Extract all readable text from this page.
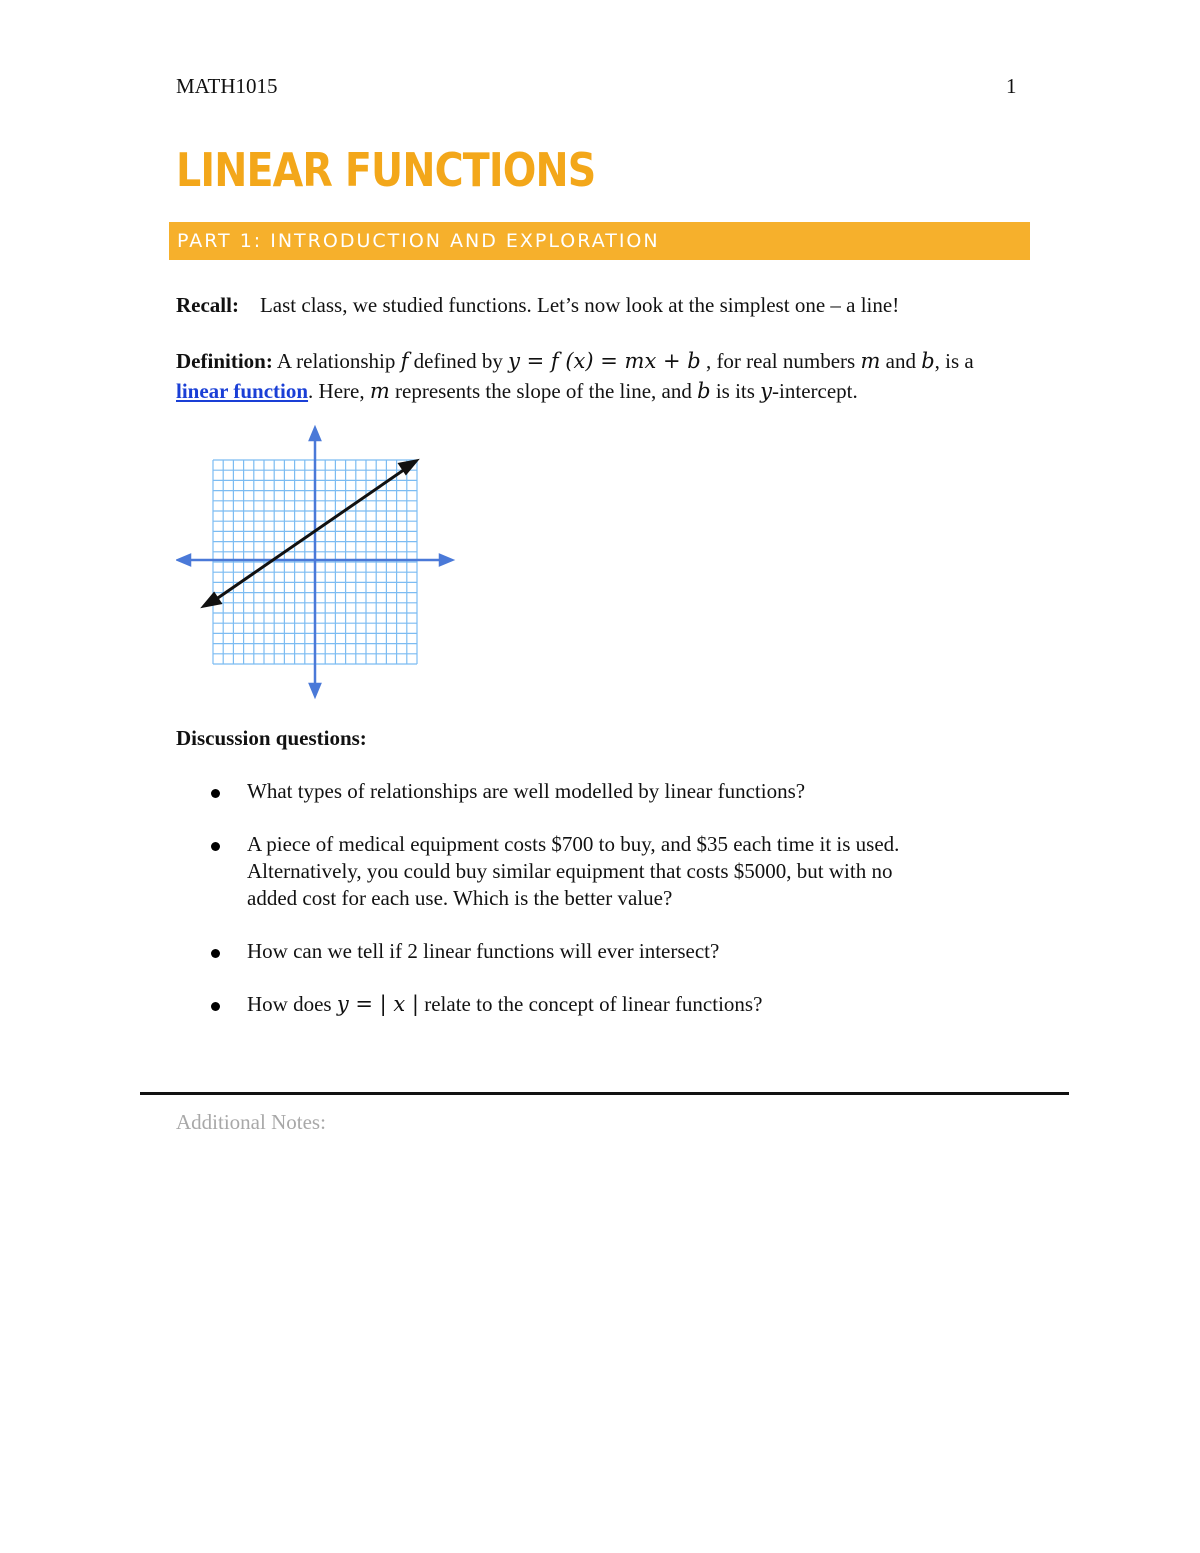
MATH1015	1
LINEAR FUNCTIONS
PART 1: INTRODUCTION AND EXPLORATION
Recall: Last class, we studied functions. Let’s now look at the simplest one – a line!
Definition: A relationship f defined by y = f (x) = mx + b , for real numbers m and b, is a
linear function. Here, m represents the slope of the line, and b is its y-intercept.
Discussion questions:
What types of relationships are well modelled by linear functions?
A piece of medical equipment costs $700 to buy, and $35 each time it is used.
Alternatively, you could buy similar equipment that costs $5000, but with no
added cost for each use. Which is the better value?
How can we tell if 2 linear functions will ever intersect?
How does y = | x | relate to the concept of linear functions?
Additional Notes:
